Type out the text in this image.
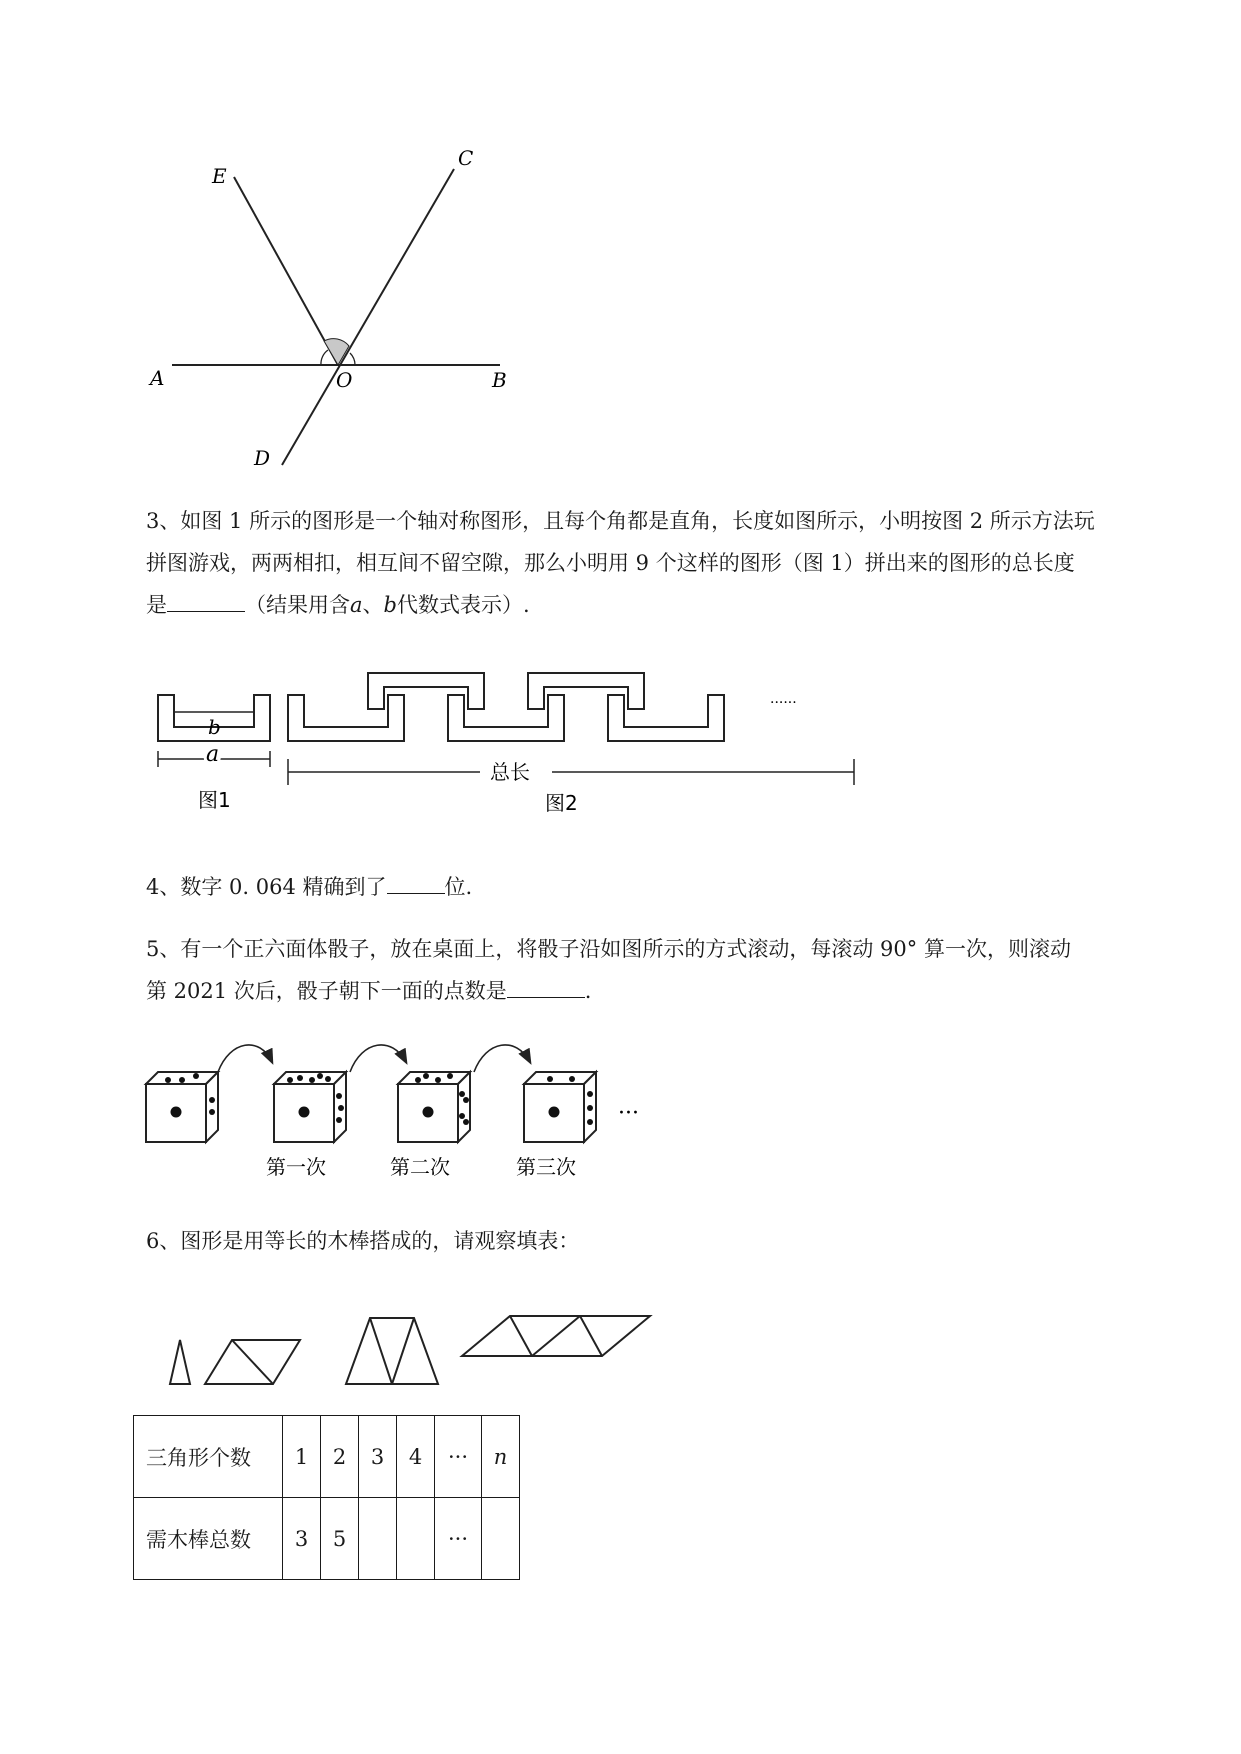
E
C
A	O	B
D
3、如图 1 所示的图形是一个轴对称图形，且每个角都是直角，长度如图所示，小明按图 2 所示方法玩
拼图游戏，两两相扣，相互间不留空隙，那么小明用 9 个这样的图形（图 1）拼出来的图形的总长度
是	（结果用含a、b代数式表示）.
b
a
图1
······
总长
图2
4、数字 0. 064 精确到了	位.
5、有一个正六面体骰子，放在桌面上，将骰子沿如图所示的方式滚动，每滚动 90° 算一次，则滚动
第 2021 次后，骰子朝下一面的点数是	.
···
第一次	第二次	第三次
6、图形是用等长的木棒搭成的，请观察填表：
三角形个数	1	2	3	4	···	n
需木棒总数	3	5			···	
